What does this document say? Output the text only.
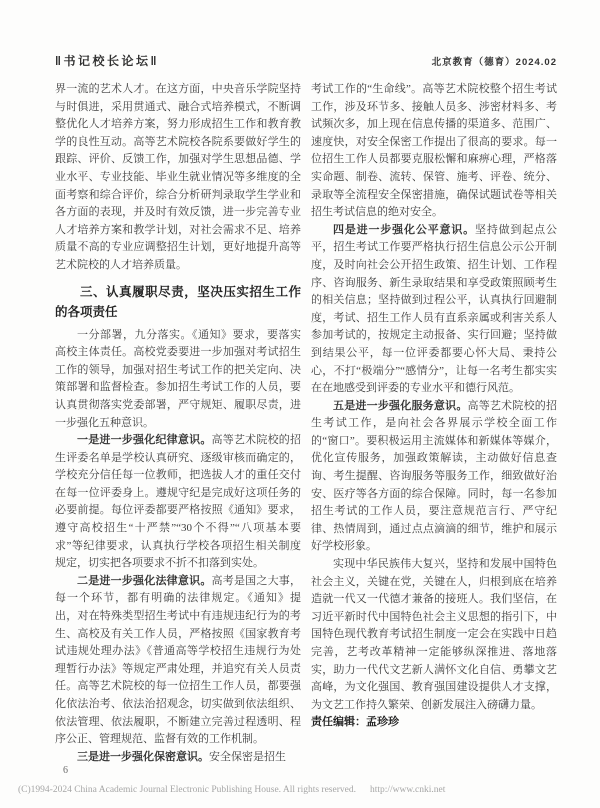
‖书记校长论坛‖	北京教育（德育）2024.02

界一流的艺术人才。在这方面，中央音乐学院坚持与时俱进，采用贯通式、融合式培养模式，不断调整优化人才培养方案，努力形成招生工作和教育教学的良性互动。高等艺术院校各院系要做好学生的跟踪、评价、反馈工作，加强对学生思想品德、学业水平、专业技能、毕业生就业情况等多维度的全面考察和综合评价，综合分析研判录取学生学业和各方面的表现，并及时有效反馈，进一步完善专业人才培养方案和教学计划，对社会需求不足、培养质量不高的专业应调整招生计划，更好地提升高等艺术院校的人才培养质量。

三、认真履职尽责，坚决压实招生工作的各项责任

一分部署，九分落实。《通知》要求，要落实高校主体责任。高校党委要进一步加强对考试招生工作的领导，加强对招生考试工作的把关定向、决策部署和监督检查。参加招生考试工作的人员，要认真贯彻落实党委部署，严守规矩、履职尽责，进一步强化五种意识。

一是进一步强化纪律意识。高等艺术院校的招生评委名单是学校认真研究、逐级审核而确定的，学校充分信任每一位教师，把选拔人才的重任交付在每一位评委身上。遵规守纪是完成好这项任务的必要前提。每位评委都要严格按照《通知》要求，遵守高校招生“十严禁”“30个不得”“八项基本要求”等纪律要求，认真执行学校各项招生相关制度规定，切实把各项要求不折不扣落到实处。

二是进一步强化法律意识。高考是国之大事，每一个环节，都有明确的法律规定。《通知》提出，对在特殊类型招生考试中有违规违纪行为的考生、高校及有关工作人员，严格按照《国家教育考试违规处理办法》《普通高等学校招生违规行为处理暂行办法》等规定严肃处理，并追究有关人员责任。高等艺术院校的每一位招生工作人员，都要强化依法治考、依法治招观念，切实做到依法组织、依法管理、依法履职，不断建立完善过程透明、程序公正、管理规范、监督有效的工作机制。

三是进一步强化保密意识。安全保密是招生

考试工作的“生命线”。高等艺术院校整个招生考试工作，涉及环节多、接触人员多、涉密材料多、考试频次多，加上现在信息传播的渠道多、范围广、速度快，对安全保密工作提出了很高的要求。每一位招生工作人员都要克服松懈和麻痹心理，严格落实命题、制卷、流转、保管、施考、评卷、统分、录取等全流程安全保密措施，确保试题试卷等相关招生考试信息的绝对安全。

四是进一步强化公平意识。坚持做到起点公平，招生考试工作要严格执行招生信息公示公开制度，及时向社会公开招生政策、招生计划、工作程序、咨询服务、新生录取结果和享受政策照顾考生的相关信息；坚持做到过程公平，认真执行回避制度，考试、招生工作人员有直系亲属或利害关系人参加考试的，按规定主动报备、实行回避；坚持做到结果公平，每一位评委都要心怀大局、秉持公心，不打“极端分”“感情分”，让每一名考生都实实在在地感受到评委的专业水平和德行风范。

五是进一步强化服务意识。高等艺术院校的招生考试工作，是向社会各界展示学校全面工作的“窗口”。要积极运用主流媒体和新媒体等媒介，优化宣传服务，加强政策解读，主动做好信息查询、考生提醒、咨询服务等服务工作，细致做好治安、医疗等各方面的综合保障。同时，每一名参加招生考试的工作人员，要注意规范言行、严守纪律、热情周到，通过点点滴滴的细节，维护和展示好学校形象。

实现中华民族伟大复兴，坚持和发展中国特色社会主义，关键在党，关键在人，归根到底在培养造就一代又一代德才兼备的接班人。我们坚信，在习近平新时代中国特色社会主义思想的指引下，中国特色现代教育考试招生制度一定会在实践中日趋完善，艺考改革精神一定能够纵深推进、落地落实，助力一代代文艺新人满怀文化自信、勇攀文艺高峰，为文化强国、教育强国建设提供人才支撑，为文艺工作持久繁荣、创新发展注入磅礴力量。

责任编辑：孟珍珍

6
(C)1994-2024 China Academic Journal Electronic Publishing House. All rights reserved. http://www.cnki.net
